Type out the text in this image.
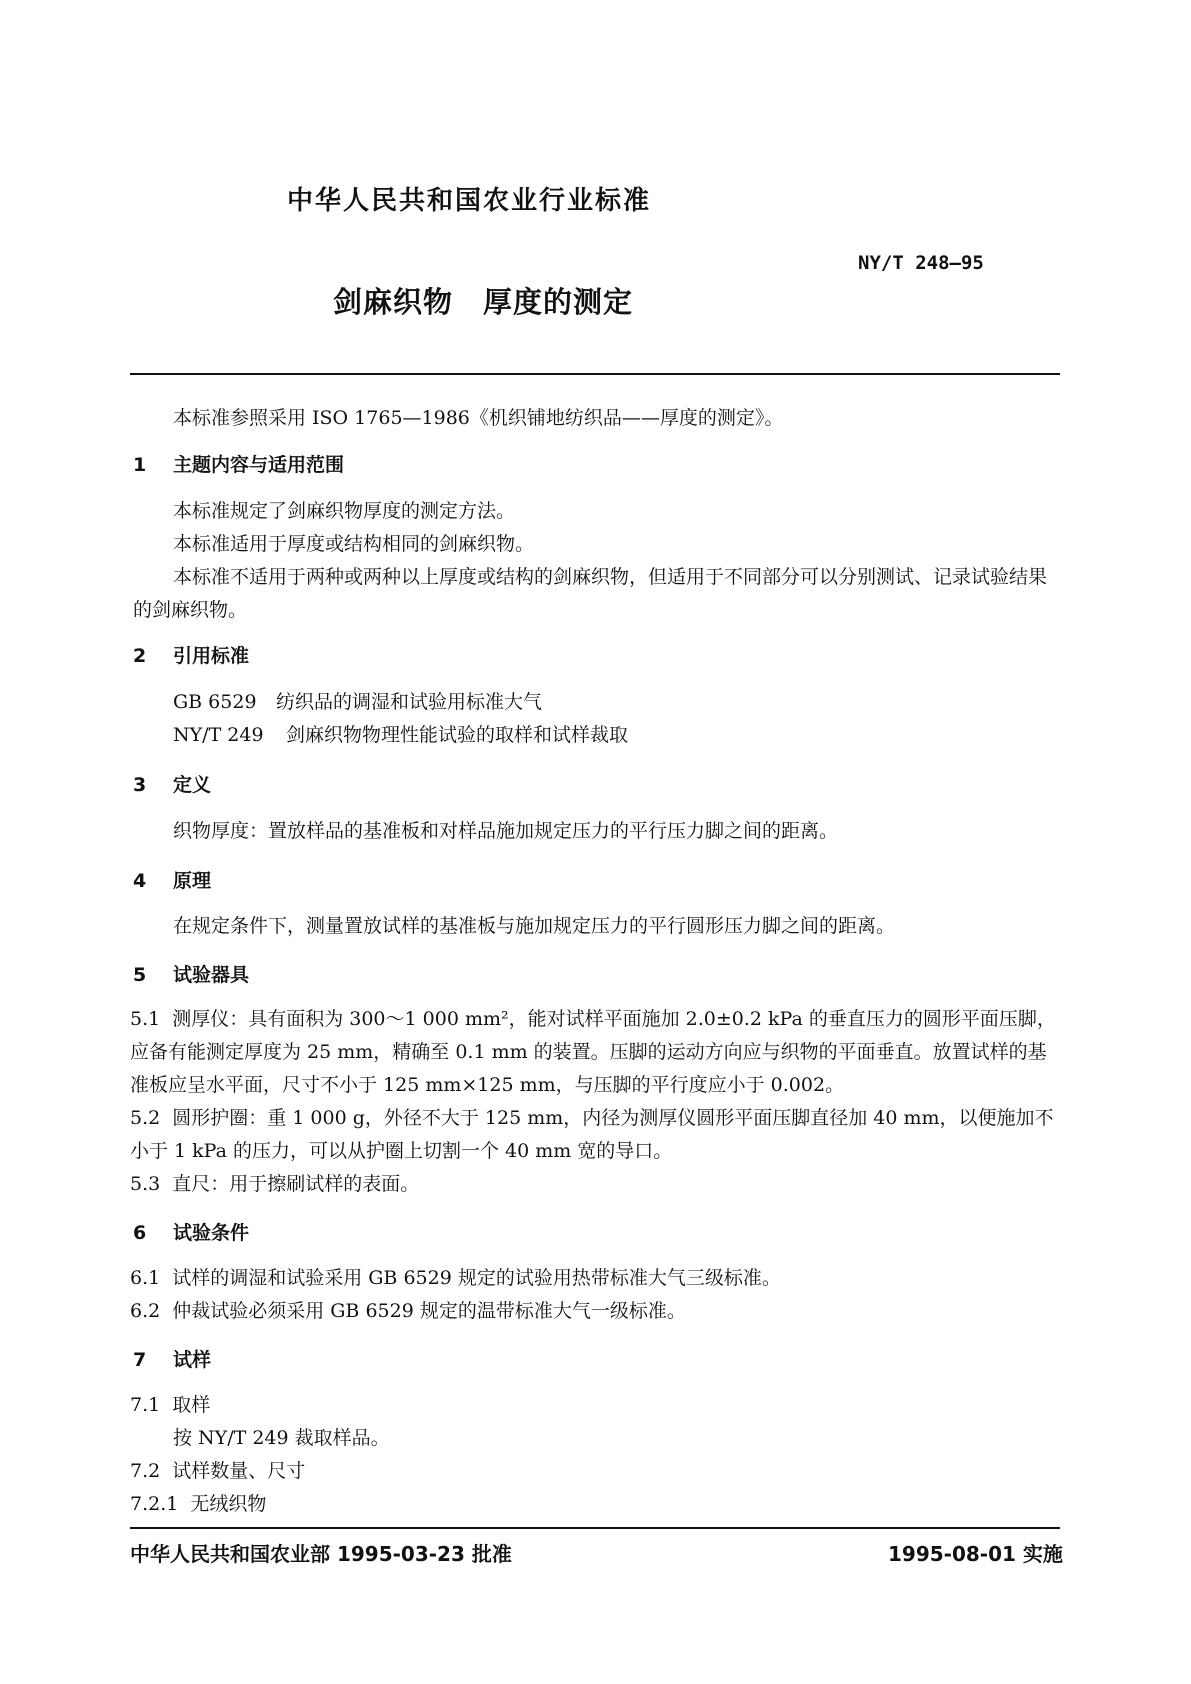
中华人民共和国农业行业标准
NY/T 248—95
剑麻织物　厚度的测定
本标准参照采用 ISO 1765—1986《机织铺地纺织品——厚度的测定》。
1 主题内容与适用范围
本标准规定了剑麻织物厚度的测定方法。
本标准适用于厚度或结构相同的剑麻织物。
本标准不适用于两种或两种以上厚度或结构的剑麻织物，但适用于不同部分可以分别测试、记录试验结果的剑麻织物。
2 引用标准
GB 6529 纺织品的调湿和试验用标准大气
NY/T 249 剑麻织物物理性能试验的取样和试样裁取
3 定义
织物厚度：置放样品的基准板和对样品施加规定压力的平行压力脚之间的距离。
4 原理
在规定条件下，测量置放试样的基准板与施加规定压力的平行圆形压力脚之间的距离。
5 试验器具
5.1 测厚仪：具有面积为 300～1 000 mm²，能对试样平面施加 2.0±0.2 kPa 的垂直压力的圆形平面压脚，应备有能测定厚度为 25 mm，精确至 0.1 mm 的装置。压脚的运动方向应与织物的平面垂直。放置试样的基准板应呈水平面，尺寸不小于 125 mm×125 mm，与压脚的平行度应小于 0.002。
5.2 圆形护圈：重 1 000 g，外径不大于 125 mm，内径为测厚仪圆形平面压脚直径加 40 mm，以便施加不小于 1 kPa 的压力，可以从护圈上切割一个 40 mm 宽的导口。
5.3 直尺：用于擦刷试样的表面。
6 试验条件
6.1 试样的调湿和试验采用 GB 6529 规定的试验用热带标准大气三级标准。
6.2 仲裁试验必须采用 GB 6529 规定的温带标准大气一级标准。
7 试样
7.1 取样
按 NY/T 249 裁取样品。
7.2 试样数量、尺寸
7.2.1 无绒织物
中华人民共和国农业部 1995-03-23 批准	1995-08-01 实施
